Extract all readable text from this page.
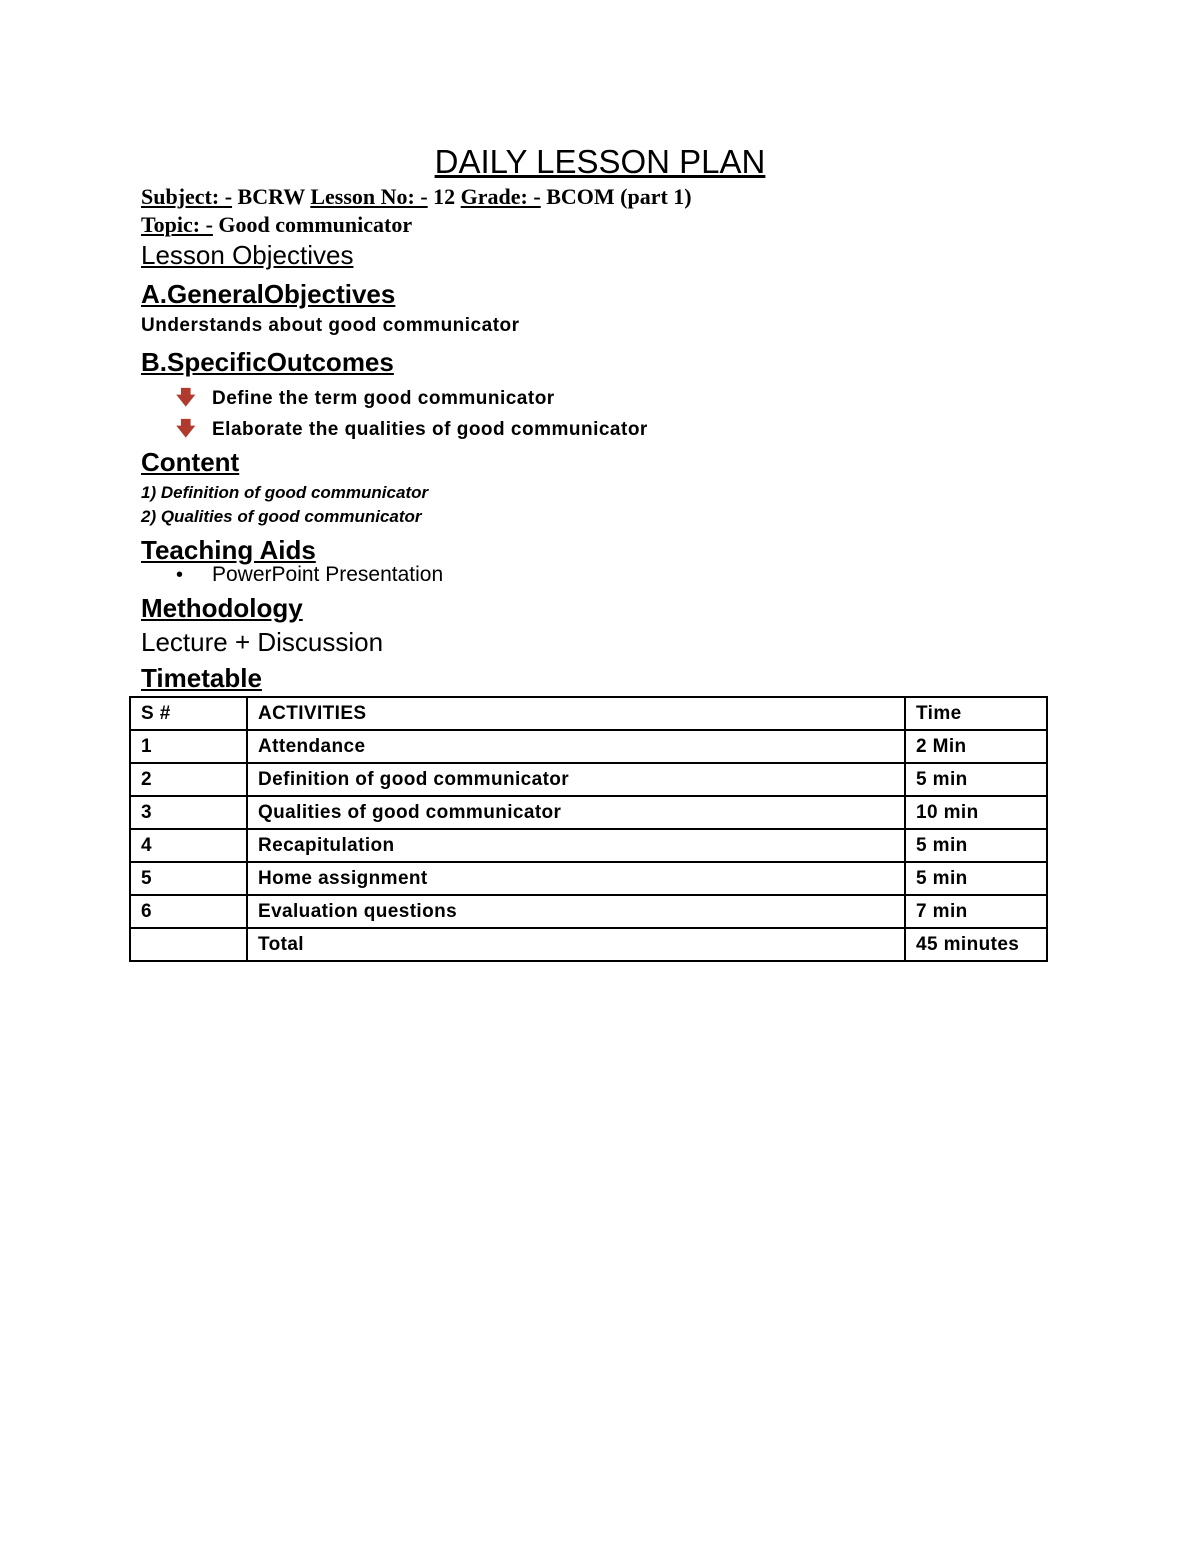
DAILY LESSON PLAN
Subject: - BCRW Lesson No: - 12 Grade: - BCOM (part 1)
Topic: - Good communicator
Lesson Objectives
A.GeneralObjectives
Understands about good communicator
B.SpecificOutcomes
🡇 Define the term good communicator
🡇 Elaborate the qualities of good communicator
Content
1) Definition of good communicator
2) Qualities of good communicator
Teaching Aids
• PowerPoint Presentation
Methodology
Lecture + Discussion
Timetable
S #	ACTIVITIES	Time
1	Attendance	2 Min
2	Definition of good communicator	5 min
3	Qualities of good communicator	10 min
4	Recapitulation	5 min
5	Home assignment	5 min
6	Evaluation questions	7 min
	Total	45 minutes
